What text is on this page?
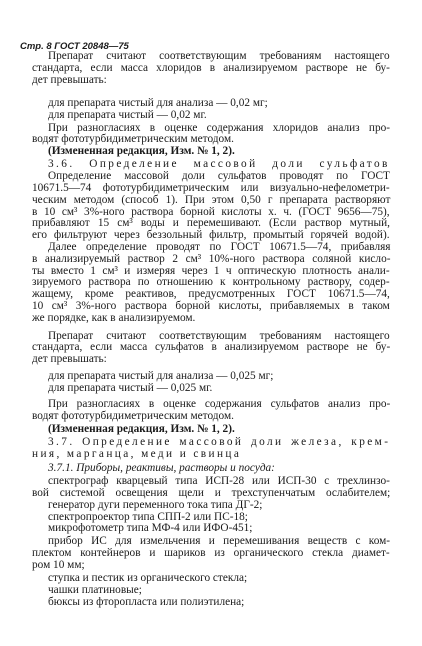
Стр. 8 ГОСТ 20848—75
Препарат считают соответствующим требованиям настоящего
стандарта, если масса хлоридов в анализируемом растворе не бу-
дет превышать:
для препарата чистый для анализа — 0,02 мг;
для препарата чистый — 0,02 мг.
При разногласиях в оценке содержания хлоридов анализ про-
водят фототурбидиметрическим методом.
(Измененная редакция, Изм. № 1, 2).
3.6. Определение массовой доли сульфатов
Определение массовой доли сульфатов проводят по ГОСТ
10671.5—74 фототурбидиметрическим или визуально-нефелометри-
ческим методом (способ 1). При этом 0,50 г препарата растворяют
в 10 см³ 3%-ного раствора борной кислоты х. ч. (ГОСТ 9656—75),
прибавляют 15 см³ воды и перемешивают. (Если раствор мутный,
его фильтруют через беззольный фильтр, промытый горячей водой).
Далее определение проводят по ГОСТ 10671.5—74, прибавляя
в анализируемый раствор 2 см³ 10%-ного раствора соляной кисло-
ты вместо 1 см³ и измеряя через 1 ч оптическую плотность анали-
зируемого раствора по отношению к контрольному раствору, содер-
жащему, кроме реактивов, предусмотренных ГОСТ 10671.5—74,
10 см³ 3%-ного раствора борной кислоты, прибавляемых в таком
же порядке, как в анализируемом.
Препарат считают соответствующим требованиям настоящего
стандарта, если масса сульфатов в анализируемом растворе не бу-
дет превышать:
для препарата чистый для анализа — 0,025 мг;
для препарата чистый — 0,025 мг.
При разногласиях в оценке содержания сульфатов анализ про-
водят фототурбидиметрическим методом.
(Измененная редакция, Изм. № 1, 2).
3.7. Определение массовой доли железа, крем-
ния, марганца, меди и свинца
3.7.1. Приборы, реактивы, растворы и посуда:
спектрограф кварцевый типа ИСП-28 или ИСП-30 с трехлинзо-
вой системой освещения щели и трехступенчатым ослабителем;
генератор дуги переменного тока типа ДГ-2;
спектропроектор типа СПП-2 или ПС-18;
микрофотометр типа МФ-4 или ИФО-451;
прибор ИС для измельчения и перемешивания веществ с ком-
плектом контейнеров и шариков из органического стекла диамет-
ром 10 мм;
ступка и пестик из органического стекла;
чашки платиновые;
бюксы из фторопласта или полиэтилена;
